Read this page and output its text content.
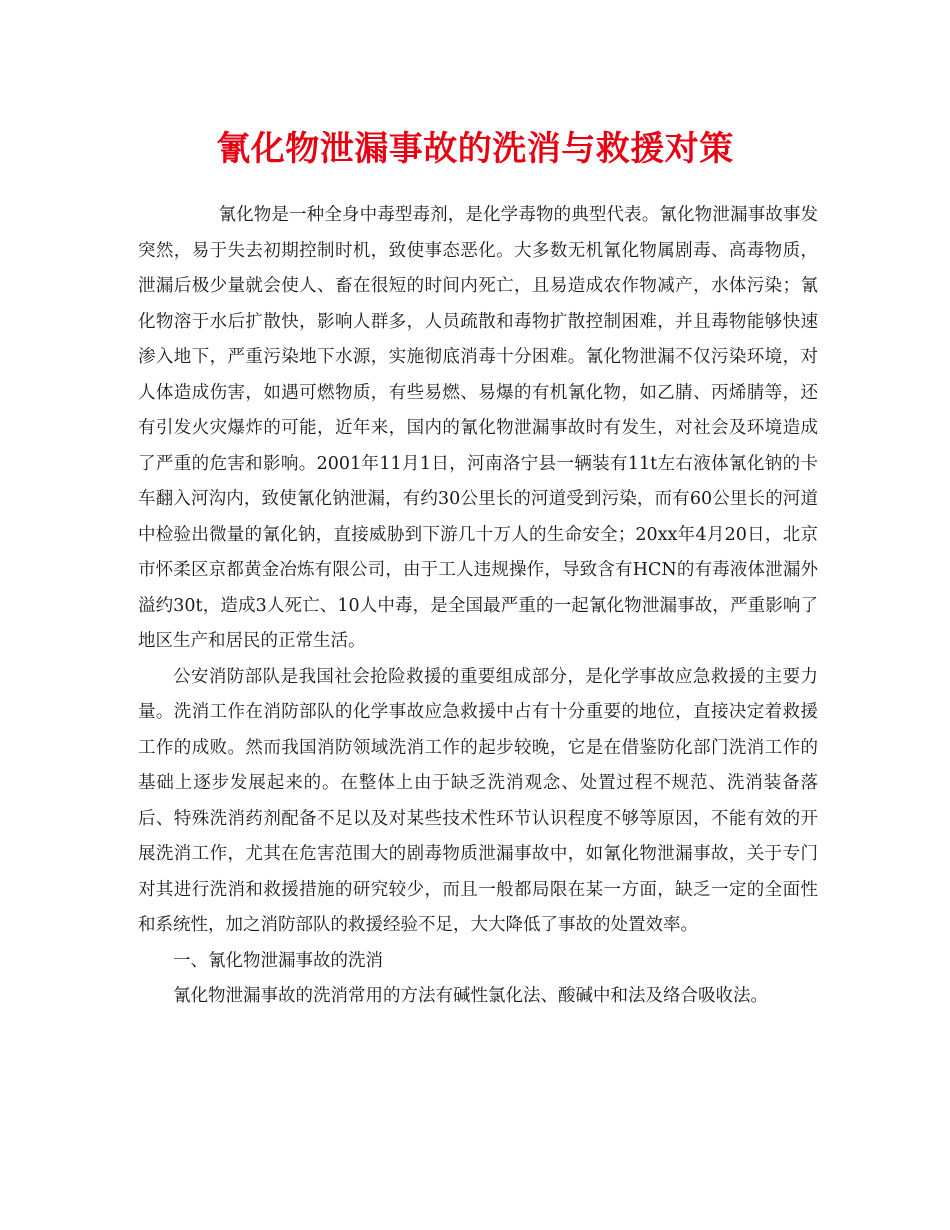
氰化物泄漏事故的洗消与救援对策

氰化物是一种全身中毒型毒剂，是化学毒物的典型代表。氰化物泄漏事故事发突然，易于失去初期控制时机，致使事态恶化。大多数无机氰化物属剧毒、高毒物质，泄漏后极少量就会使人、畜在很短的时间内死亡，且易造成农作物减产，水体污染；氰化物溶于水后扩散快，影响人群多，人员疏散和毒物扩散控制困难，并且毒物能够快速渗入地下，严重污染地下水源，实施彻底消毒十分困难。氰化物泄漏不仅污染环境，对人体造成伤害，如遇可燃物质，有些易燃、易爆的有机氰化物，如乙腈、丙烯腈等，还有引发火灾爆炸的可能，近年来，国内的氰化物泄漏事故时有发生，对社会及环境造成了严重的危害和影响。2001年11月1日，河南洛宁县一辆装有11t左右液体氰化钠的卡车翻入河沟内，致使氰化钠泄漏，有约30公里长的河道受到污染，而有60公里长的河道中检验出微量的氰化钠，直接威胁到下游几十万人的生命安全；20xx年4月20日，北京市怀柔区京都黄金冶炼有限公司，由于工人违规操作，导致含有HCN的有毒液体泄漏外溢约30t，造成3人死亡、10人中毒，是全国最严重的一起氰化物泄漏事故，严重影响了地区生产和居民的正常生活。

公安消防部队是我国社会抢险救援的重要组成部分，是化学事故应急救援的主要力量。洗消工作在消防部队的化学事故应急救援中占有十分重要的地位，直接决定着救援工作的成败。然而我国消防领域洗消工作的起步较晚，它是在借鉴防化部门洗消工作的基础上逐步发展起来的。在整体上由于缺乏洗消观念、处置过程不规范、洗消装备落后、特殊洗消药剂配备不足以及对某些技术性环节认识程度不够等原因，不能有效的开展洗消工作，尤其在危害范围大的剧毒物质泄漏事故中，如氰化物泄漏事故，关于专门对其进行洗消和救援措施的研究较少，而且一般都局限在某一方面，缺乏一定的全面性和系统性，加之消防部队的救援经验不足，大大降低了事故的处置效率。

一、氰化物泄漏事故的洗消

氰化物泄漏事故的洗消常用的方法有碱性氯化法、酸碱中和法及络合吸收法。
